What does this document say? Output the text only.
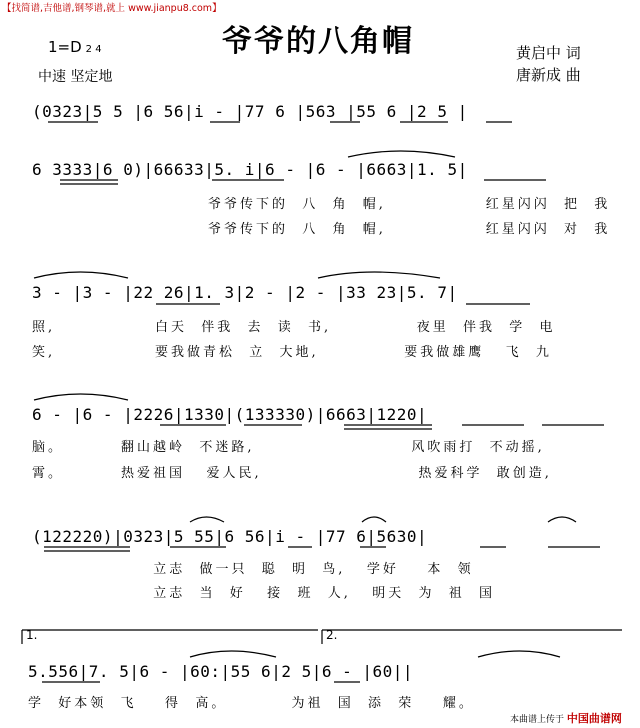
【找简谱,吉他谱,钢琴谱,就上 www.jianpu8.com】
爷爷的八角帽
1=D 2 4
中速 坚定地
黄启中 词
唐新成 曲
(0323|5 5 |6 56|i - |77 6 |563 |55 6 |2 5 |
6 3333|6 0)|66633|5. i|6 - |6 - |6663|1. 5|
爷爷传下的  八  角  帽,              红星闪闪  把  我
爷爷传下的  八  角  帽,              红星闪闪  对  我
3 - |3 - |22 26|1. 3|2 - |2 - |33 23|5. 7|
照,              白天  伴我  去  读  书,            夜里  伴我  学  电
笑,              要我做青松  立  大地,            要我做雄鹰   飞  九
6 - |6 - |2226|1330|(133330)|6663|1220|
脑。        翻山越岭  不迷路,                      风吹雨打  不动摇,
霄。        热爱祖国   爱人民,                      热爱科学  敢创造,
(122220)|0323|5 55|6 56|i - |77 6|5630|
立志  做一只  聪  明  鸟,   学好    本  领
立志  当  好   接  班  人,   明天  为  祖  国
1.	2.
5.556|7. 5|6 - |60:|55 6|2 5|6 - |60||
学  好本领  飞    得  高。         为祖  国  添  荣    耀。
本曲谱上传于 中国曲谱网
